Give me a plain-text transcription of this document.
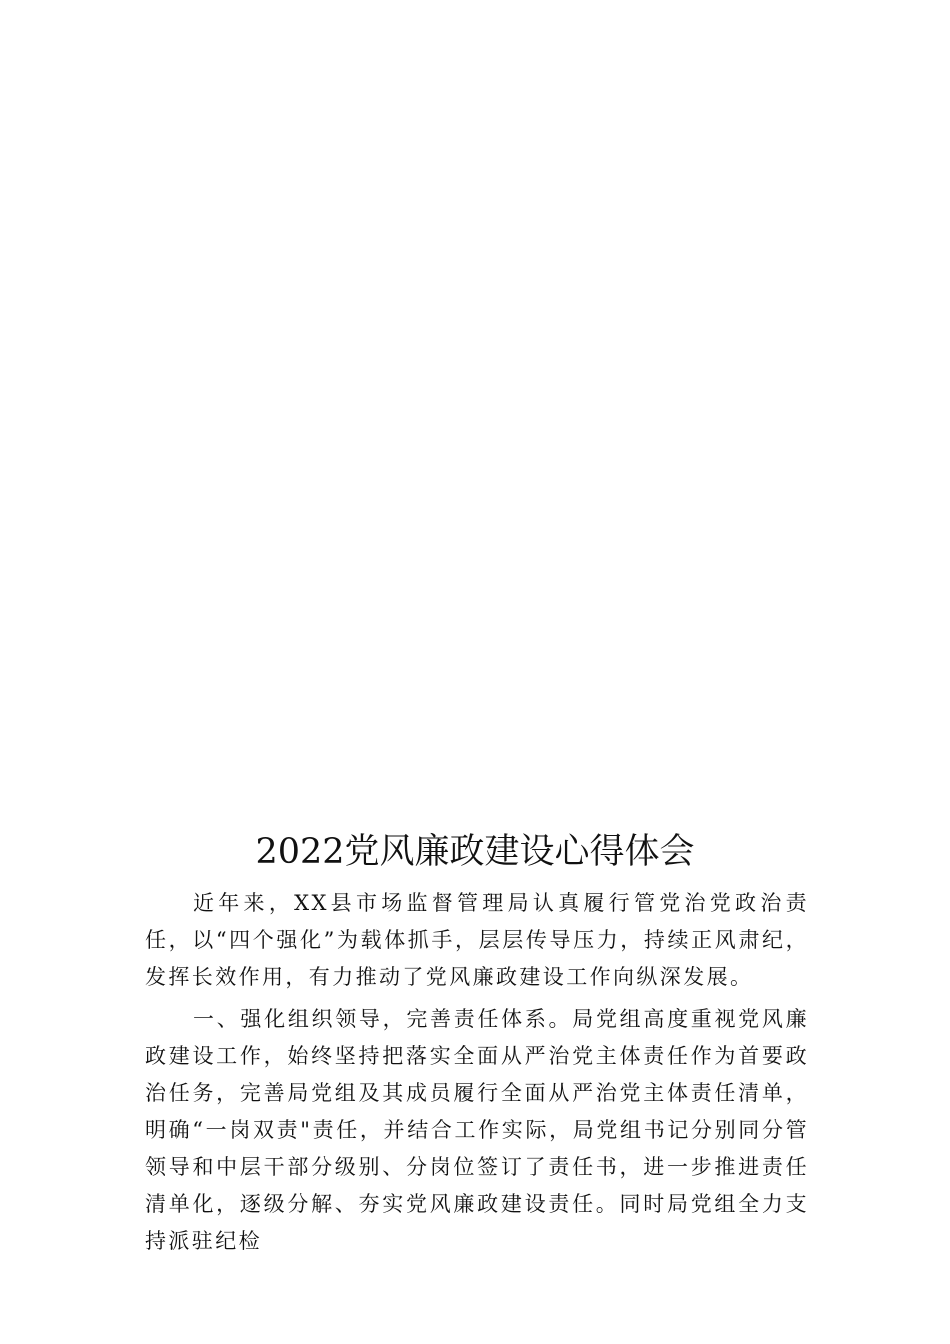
2022党风廉政建设心得体会

近年来，XX县市场监督管理局认真履行管党治党政治责任，以“四个强化”为载体抓手，层层传导压力，持续正风肃纪，发挥长效作用，有力推动了党风廉政建设工作向纵深发展。

一、强化组织领导，完善责任体系。局党组高度重视党风廉政建设工作，始终坚持把落实全面从严治党主体责任作为首要政治任务，完善局党组及其成员履行全面从严治党主体责任清单，明确“一岗双责"责任，并结合工作实际，局党组书记分别同分管领导和中层干部分级别、分岗位签订了责任书，进一步推进责任清单化，逐级分解、夯实党风廉政建设责任。同时局党组全力支持派驻纪检
